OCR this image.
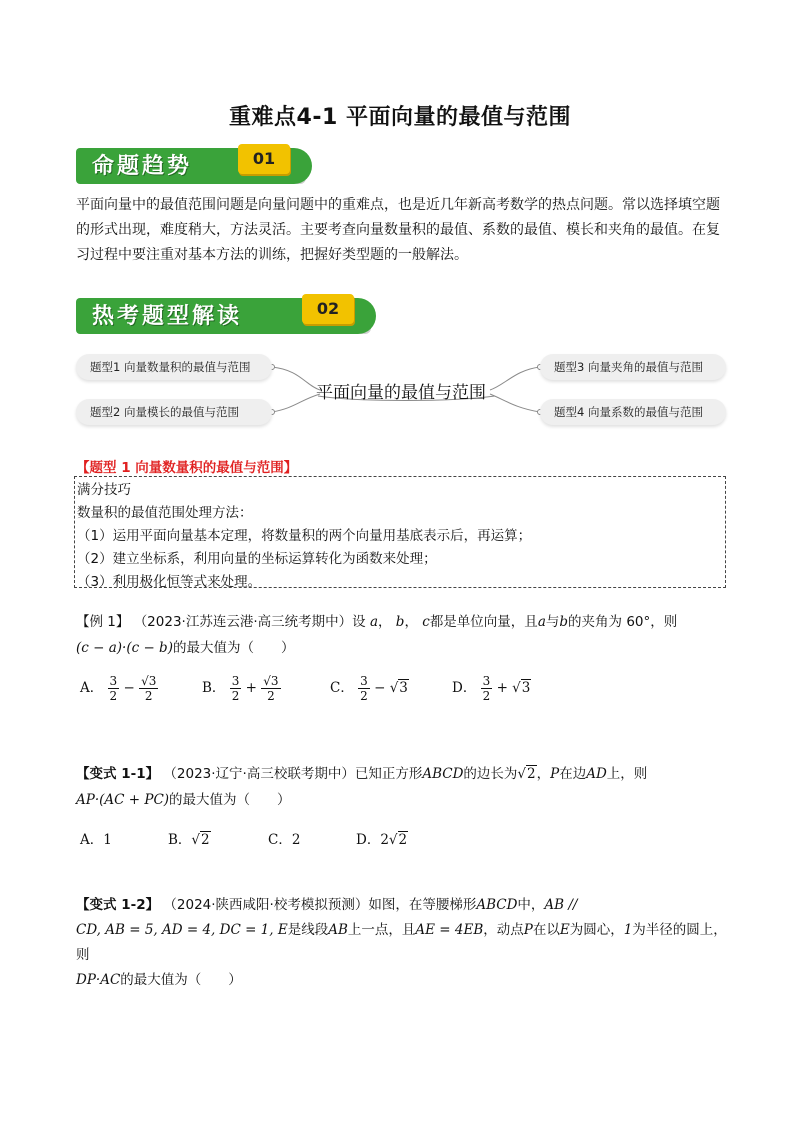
重难点4-1 平面向量的最值与范围
命题趋势	01
平面向量中的最值范围问题是向量问题中的重难点，也是近几年新高考数学的热点问题。常以选择填空题
的形式出现，难度稍大，方法灵活。主要考查向量数量积的最值、系数的最值、模长和夹角的最值。在复
习过程中要注重对基本方法的训练，把握好类型题的一般解法。
热考题型解读	02
题型1 向量数量积的最值与范围
题型2 向量模长的最值与范围
题型3 向量夹角的最值与范围
题型4 向量系数的最值与范围
平面向量的最值与范围
【题型 1 向量数量积的最值与范围】
满分技巧
数量积的最值范围处理方法：
（1）运用平面向量基本定理，将数量积的两个向量用基底表示后，再运算；
（2）建立坐标系，利用向量的坐标运算转化为函数来处理；
（3）利用极化恒等式来处理。
【例 1】 （2023·江苏连云港·高三统考期中）设 a， b， c都是单位向量，且a与b的夹角为 60°，则
(c − a)·(c − b)的最大值为（　　）
A． $\frac{3}{2} - \frac{√3}{2}$	B． $\frac{3}{2} + \frac{√3}{2}$	C． $\frac{3}{2} - √3$	D． $\frac{3}{2} + √3$
【变式 1-1】 （2023·辽宁·高三校联考期中）已知正方形ABCD的边长为√2，P在边AD上，则
AP·(AC + PC)的最大值为（　　）
A．1	B．√2	C．2	D．2√2
【变式 1-2】 （2024·陕西咸阳·校考模拟预测）如图，在等腰梯形ABCD中，AB //
CD, AB = 5, AD = 4, DC = 1, E是线段AB上一点，且AE = 4EB，动点P在以E为圆心，1为半径的圆上，则
DP·AC的最大值为（　　）
